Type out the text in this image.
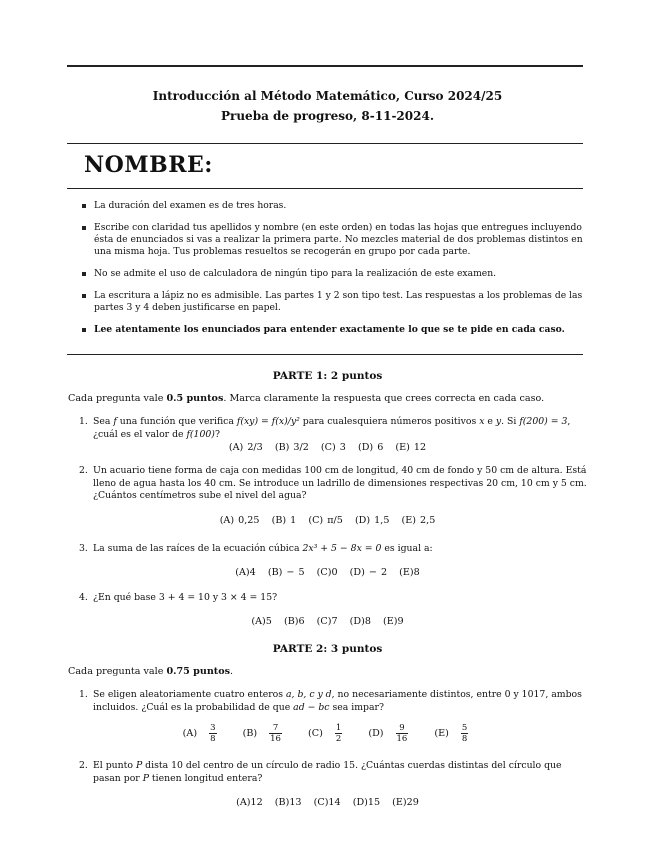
Introducción al Método Matemático, Curso 2024/25
Prueba de progreso, 8-11-2024.
NOMBRE:
La duración del examen es de tres horas.
Escribe con claridad tus apellidos y nombre (en este orden) en todas las hojas que entregues incluyendo ésta de enunciados si vas a realizar la primera parte. No mezcles material de dos problemas distintos en una misma hoja. Tus problemas resueltos se recogerán en grupo por cada parte.
No se admite el uso de calculadora de ningún tipo para la realización de este examen.
La escritura a lápiz no es admisible. Las partes 1 y 2 son tipo test. Las respuestas a los problemas de las partes 3 y 4 deben justificarse en papel.
Lee atentamente los enunciados para entender exactamente lo que se te pide en cada caso.
PARTE 1: 2 puntos
Cada pregunta vale 0.5 puntos. Marca claramente la respuesta que crees correcta en cada caso.
1. Sea f una función que verifica f(xy) = f(x)/y² para cualesquiera números positivos x e y. Si f(200) = 3, ¿cuál es el valor de f(100)?
(A) 2/3 (B) 3/2 (C) 3 (D) 6 (E) 12
2. Un acuario tiene forma de caja con medidas 100 cm de longitud, 40 cm de fondo y 50 cm de altura. Está lleno de agua hasta los 40 cm. Se introduce un ladrillo de dimensiones respectivas 20 cm, 10 cm y 5 cm. ¿Cuántos centímetros sube el nivel del agua?
(A) 0,25 (B) 1 (C) π/5 (D) 1,5 (E) 2,5
3. La suma de las raíces de la ecuación cúbica 2x³ + 5 − 8x = 0 es igual a:
(A)4 (B) − 5 (C)0 (D) − 2 (E)8
4. ¿En qué base 3 + 4 = 10 y 3 × 4 = 15?
(A)5 (B)6 (C)7 (D)8 (E)9
PARTE 2: 3 puntos
Cada pregunta vale 0.75 puntos.
1. Se eligen aleatoriamente cuatro enteros a, b, c y d, no necesariamente distintos, entre 0 y 1017, ambos incluidos. ¿Cuál es la probabilidad de que ad − bc sea impar?
$(A) \frac{3}{8} (B) \frac{7}{16} (C) \frac{1}{2} (D) \frac{9}{16} (E) \frac{5}{8}$
2. El punto P dista 10 del centro de un círculo de radio 15. ¿Cuántas cuerdas distintas del círculo que pasan por P tienen longitud entera?
(A)12 (B)13 (C)14 (D)15 (E)29
